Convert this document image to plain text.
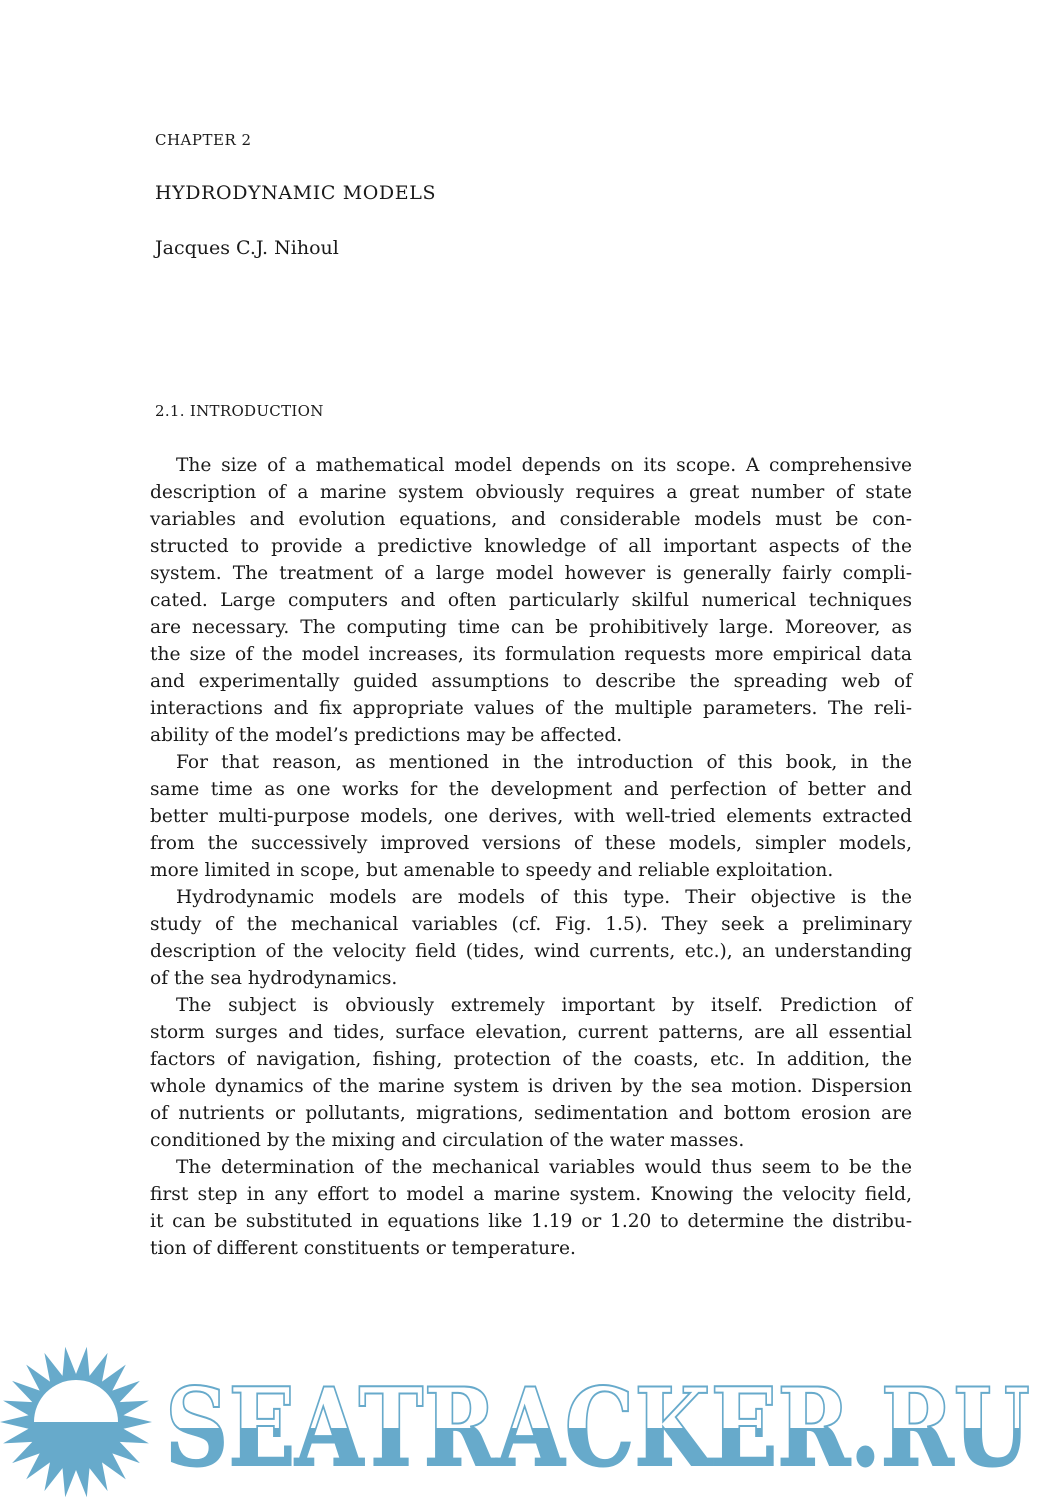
CHAPTER 2
HYDRODYNAMIC MODELS
Jacques C.J. Nihoul
2.1. INTRODUCTION
The size of a mathematical model depends on its scope. A comprehensive
description of a marine system obviously requires a great number of state
variables and evolution equations, and considerable models must be con-
structed to provide a predictive knowledge of all important aspects of the
system. The treatment of a large model however is generally fairly compli-
cated. Large computers and often particularly skilful numerical techniques
are necessary. The computing time can be prohibitively large. Moreover, as
the size of the model increases, its formulation requests more empirical data
and experimentally guided assumptions to describe the spreading web of
interactions and fix appropriate values of the multiple parameters. The reli-
ability of the model’s predictions may be affected.
For that reason, as mentioned in the introduction of this book, in the
same time as one works for the development and perfection of better and
better multi-purpose models, one derives, with well-tried elements extracted
from the successively improved versions of these models, simpler models,
more limited in scope, but amenable to speedy and reliable exploitation.
Hydrodynamic models are models of this type. Their objective is the
study of the mechanical variables (cf. Fig. 1.5). They seek a preliminary
description of the velocity field (tides, wind currents, etc.), an understanding
of the sea hydrodynamics.
The subject is obviously extremely important by itself. Prediction of
storm surges and tides, surface elevation, current patterns, are all essential
factors of navigation, fishing, protection of the coasts, etc. In addition, the
whole dynamics of the marine system is driven by the sea motion. Dispersion
of nutrients or pollutants, migrations, sedimentation and bottom erosion are
conditioned by the mixing and circulation of the water masses.
The determination of the mechanical variables would thus seem to be the
first step in any effort to model a marine system. Knowing the velocity field,
it can be substituted in equations like 1.19 or 1.20 to determine the distribu-
tion of different constituents or temperature.
SEATRACKER.RU
